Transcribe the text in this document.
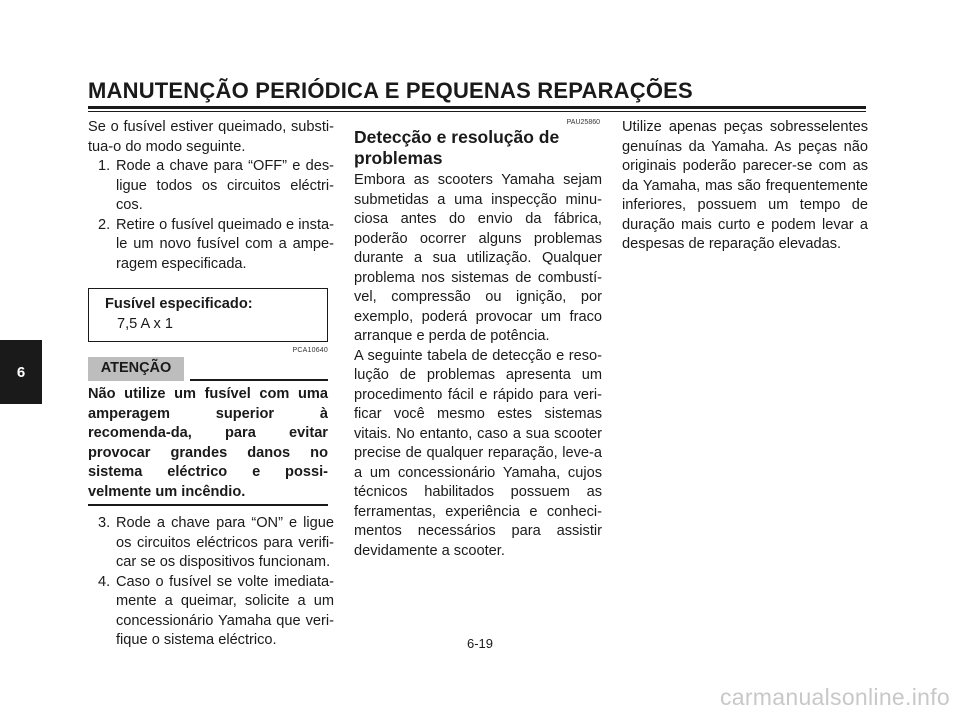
MANUTENÇÃO PERIÓDICA E PEQUENAS REPARAÇÕES
6

Se o fusível estiver queimado, substi-tua-o do modo seguinte.

1. Rode a chave para “OFF” e des-ligue todos os circuitos eléctri-cos.
2. Retire o fusível queimado e insta-le um novo fusível com a ampe-ragem especificada.
Fusível especificado:
7,5 A x 1
PCA10640
ATENÇÃO

Não utilize um fusível com uma amperagem superior à recomenda-da, para evitar provocar grandes danos no sistema eléctrico e possi-velmente um incêndio.

3. Rode a chave para “ON” e ligue os circuitos eléctricos para verifi-car se os dispositivos funcionam.
4. Caso o fusível se volte imediata-mente a queimar, solicite a um concessionário Yamaha que veri-fique o sistema eléctrico.
PAU25860
Detecção e resolução de problemas

Embora as scooters Yamaha sejam submetidas a uma inspecção minu-ciosa antes do envio da fábrica, poderão ocorrer alguns problemas durante a sua utilização. Qualquer problema nos sistemas de combustí-vel, compressão ou ignição, por exemplo, poderá provocar um fraco arranque e perda de potência.

A seguinte tabela de detecção e reso-lução de problemas apresenta um procedimento fácil e rápido para veri-ficar você mesmo estes sistemas vitais. No entanto, caso a sua scooter precise de qualquer reparação, leve-a a um concessionário Yamaha, cujos técnicos habilitados possuem as ferramentas, experiência e conheci-mentos necessários para assistir devidamente a scooter.

Utilize apenas peças sobresselentes genuínas da Yamaha. As peças não originais poderão parecer-se com as da Yamaha, mas são frequentemente inferiores, possuem um tempo de duração mais curto e podem levar a despesas de reparação elevadas.

6-19
carmanualsonline.info
